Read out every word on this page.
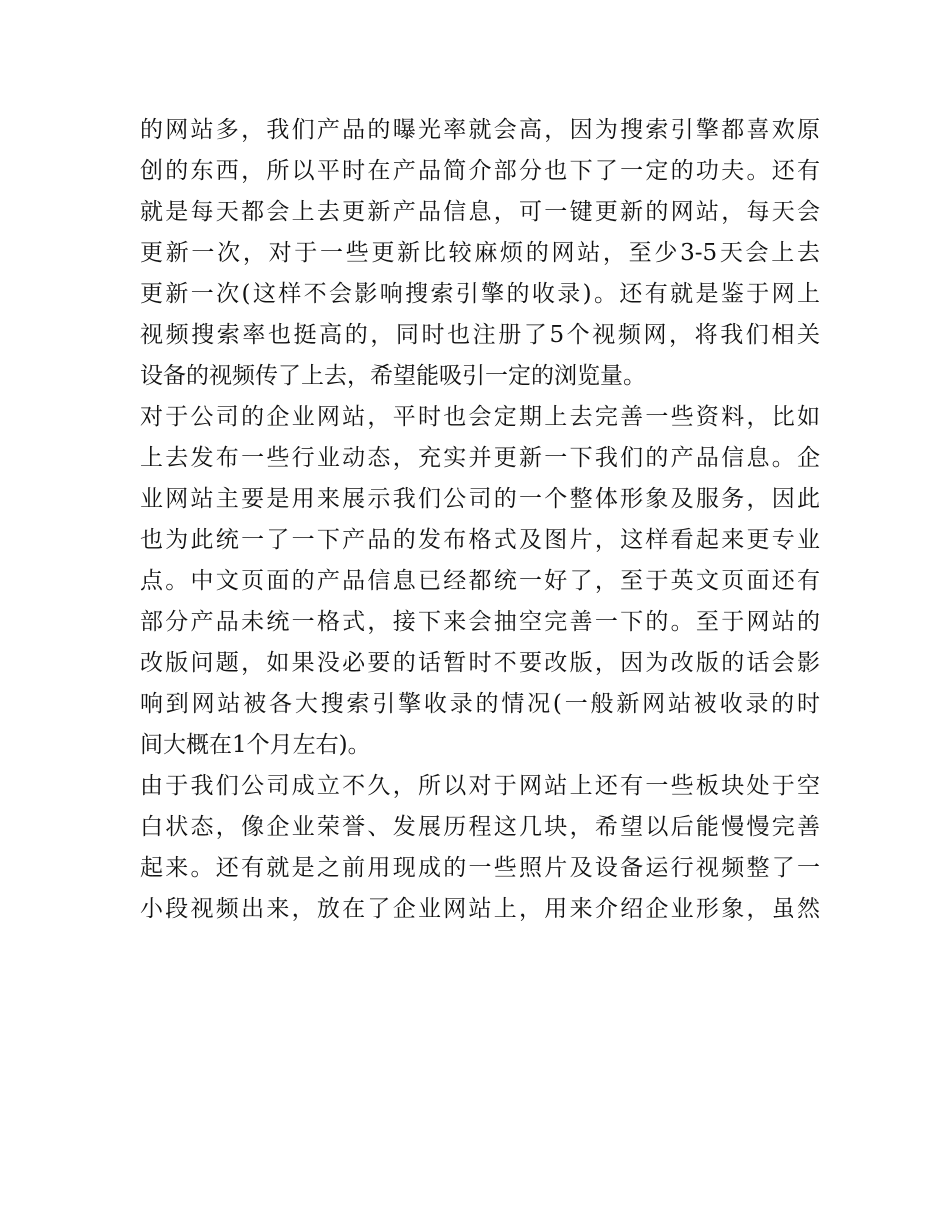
的网站多，我们产品的曝光率就会高，因为搜索引擎都喜欢原
创的东西，所以平时在产品简介部分也下了一定的功夫。还有
就是每天都会上去更新产品信息，可一键更新的网站，每天会
更新一次，对于一些更新比较麻烦的网站，至少3-5天会上去
更新一次(这样不会影响搜索引擎的收录)。还有就是鉴于网上
视频搜索率也挺高的，同时也注册了5个视频网，将我们相关
设备的视频传了上去，希望能吸引一定的浏览量。
对于公司的企业网站，平时也会定期上去完善一些资料，比如
上去发布一些行业动态，充实并更新一下我们的产品信息。企
业网站主要是用来展示我们公司的一个整体形象及服务，因此
也为此统一了一下产品的发布格式及图片，这样看起来更专业
点。中文页面的产品信息已经都统一好了，至于英文页面还有
部分产品未统一格式，接下来会抽空完善一下的。至于网站的
改版问题，如果没必要的话暂时不要改版，因为改版的话会影
响到网站被各大搜索引擎收录的情况(一般新网站被收录的时
间大概在1个月左右)。
由于我们公司成立不久，所以对于网站上还有一些板块处于空
白状态，像企业荣誉、发展历程这几块，希望以后能慢慢完善
起来。还有就是之前用现成的一些照片及设备运行视频整了一
小段视频出来，放在了企业网站上，用来介绍企业形象，虽然
